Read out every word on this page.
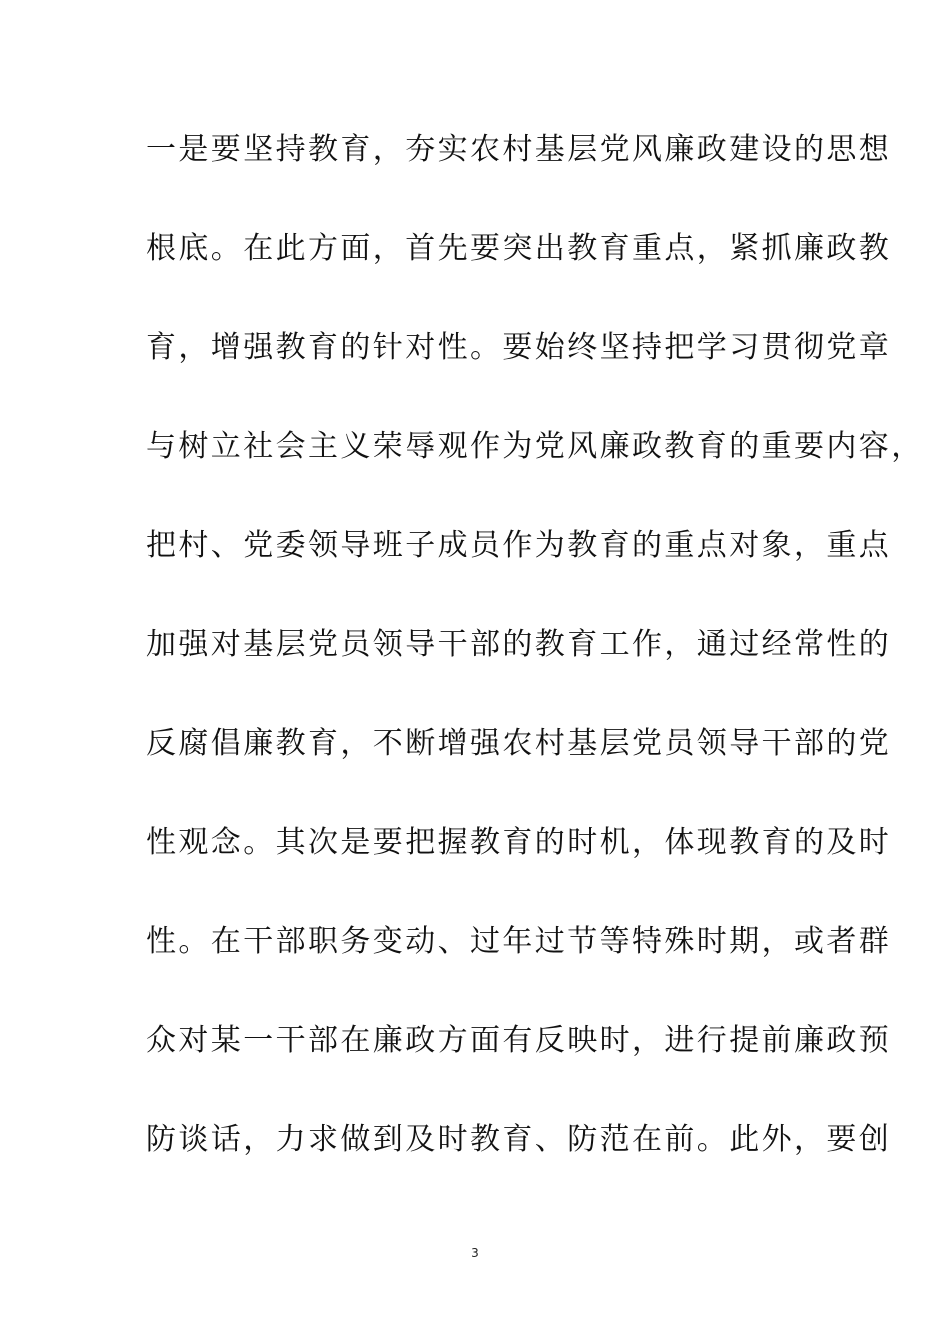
一是要坚持教育，夯实农村基层党风廉政建设的思想
根底。在此方面，首先要突出教育重点，紧抓廉政教
育，增强教育的针对性。要始终坚持把学习贯彻党章
与树立社会主义荣辱观作为党风廉政教育的重要内容，
把村、党委领导班子成员作为教育的重点对象，重点
加强对基层党员领导干部的教育工作，通过经常性的
反腐倡廉教育，不断增强农村基层党员领导干部的党
性观念。其次是要把握教育的时机，体现教育的及时
性。在干部职务变动、过年过节等特殊时期，或者群
众对某一干部在廉政方面有反映时，进行提前廉政预
防谈话，力求做到及时教育、防范在前。此外，要创
3
